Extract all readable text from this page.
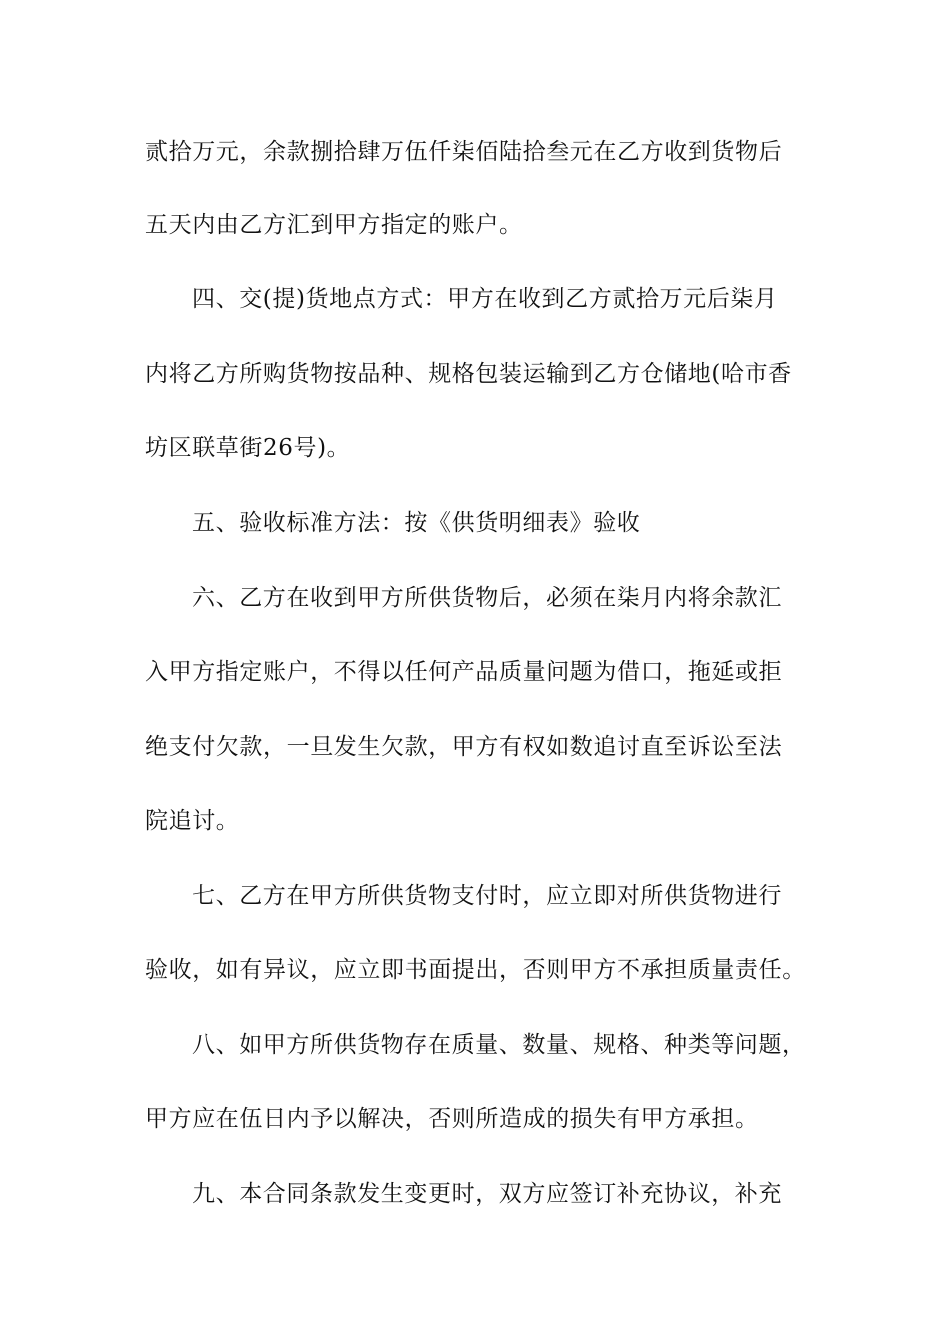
贰拾万元，余款捌拾肆万伍仟柒佰陆拾叁元在乙方收到货物后
五天内由乙方汇到甲方指定的账户。
四、交(提)货地点方式：甲方在收到乙方贰拾万元后柒月
内将乙方所购货物按品种、规格包装运输到乙方仓储地(哈市香
坊区联草街26号)。
五、验收标准方法：按《供货明细表》验收
六、乙方在收到甲方所供货物后，必须在柒月内将余款汇
入甲方指定账户，不得以任何产品质量问题为借口，拖延或拒
绝支付欠款，一旦发生欠款，甲方有权如数追讨直至诉讼至法
院追讨。
七、乙方在甲方所供货物支付时，应立即对所供货物进行
验收，如有异议，应立即书面提出，否则甲方不承担质量责任。
八、如甲方所供货物存在质量、数量、规格、种类等问题，
甲方应在伍日内予以解决，否则所造成的损失有甲方承担。
九、本合同条款发生变更时，双方应签订补充协议，补充
